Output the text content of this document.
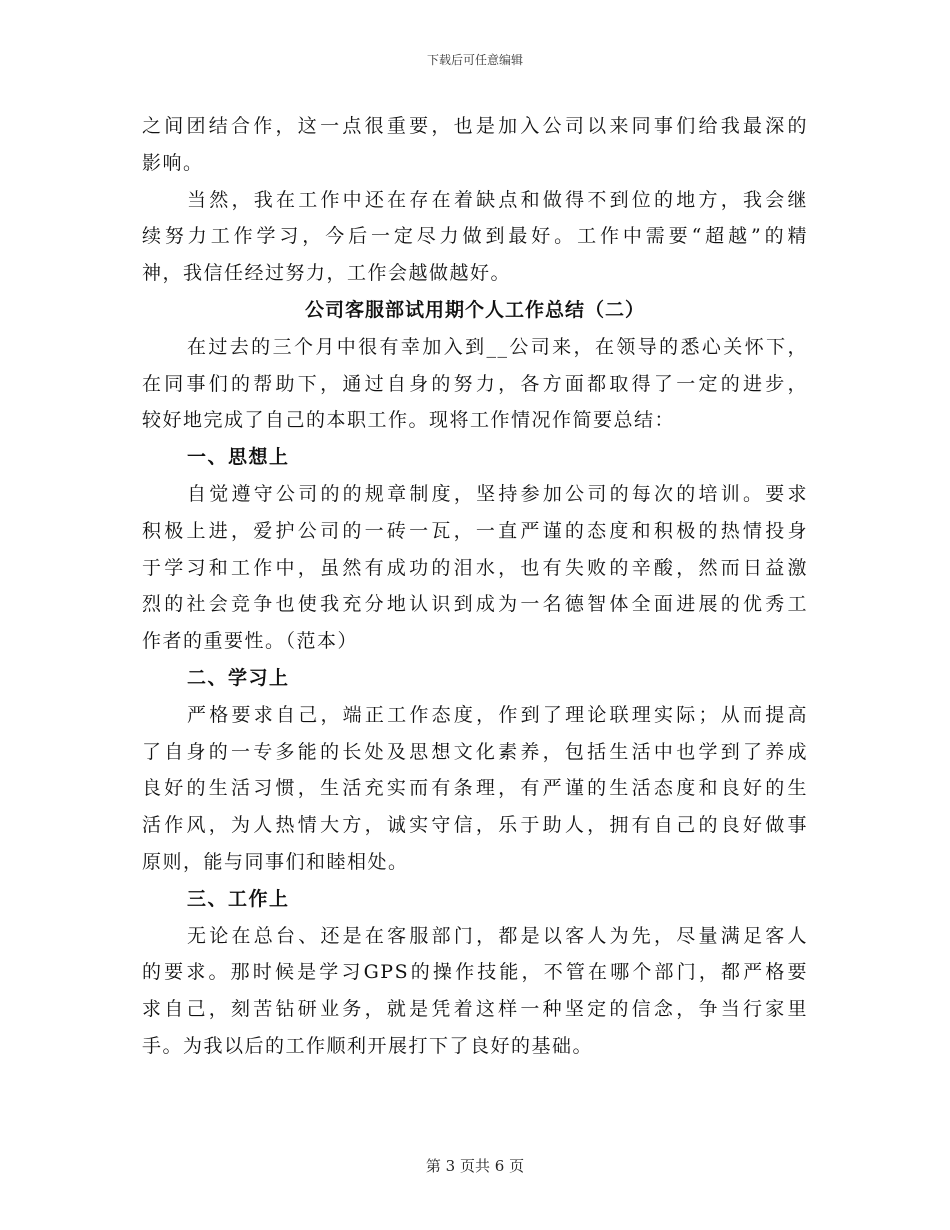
下载后可任意编辑
之间团结合作，这一点很重要，也是加入公司以来同事们给我最深的
影响。
当然，我在工作中还在存在着缺点和做得不到位的地方，我会继
续努力工作学习，今后一定尽力做到最好。工作中需要“超越”的精
神，我信任经过努力，工作会越做越好。
公司客服部试用期个人工作总结（二）
在过去的三个月中很有幸加入到__公司来，在领导的悉心关怀下，
在同事们的帮助下，通过自身的努力，各方面都取得了一定的进步，
较好地完成了自己的本职工作。现将工作情况作简要总结：
一、思想上
自觉遵守公司的的规章制度，坚持参加公司的每次的培训。要求
积极上进，爱护公司的一砖一瓦，一直严谨的态度和积极的热情投身
于学习和工作中，虽然有成功的泪水，也有失败的辛酸，然而日益激
烈的社会竞争也使我充分地认识到成为一名德智体全面进展的优秀工
作者的重要性。（范本）
二、学习上
严格要求自己，端正工作态度，作到了理论联理实际；从而提高
了自身的一专多能的长处及思想文化素养，包括生活中也学到了养成
良好的生活习惯，生活充实而有条理，有严谨的生活态度和良好的生
活作风，为人热情大方，诚实守信，乐于助人，拥有自己的良好做事
原则，能与同事们和睦相处。
三、工作上
无论在总台、还是在客服部门，都是以客人为先，尽量满足客人
的要求。那时候是学习GPS的操作技能，不管在哪个部门，都严格要
求自己，刻苦钻研业务，就是凭着这样一种坚定的信念，争当行家里
手。为我以后的工作顺利开展打下了良好的基础。
第 3 页共 6 页
